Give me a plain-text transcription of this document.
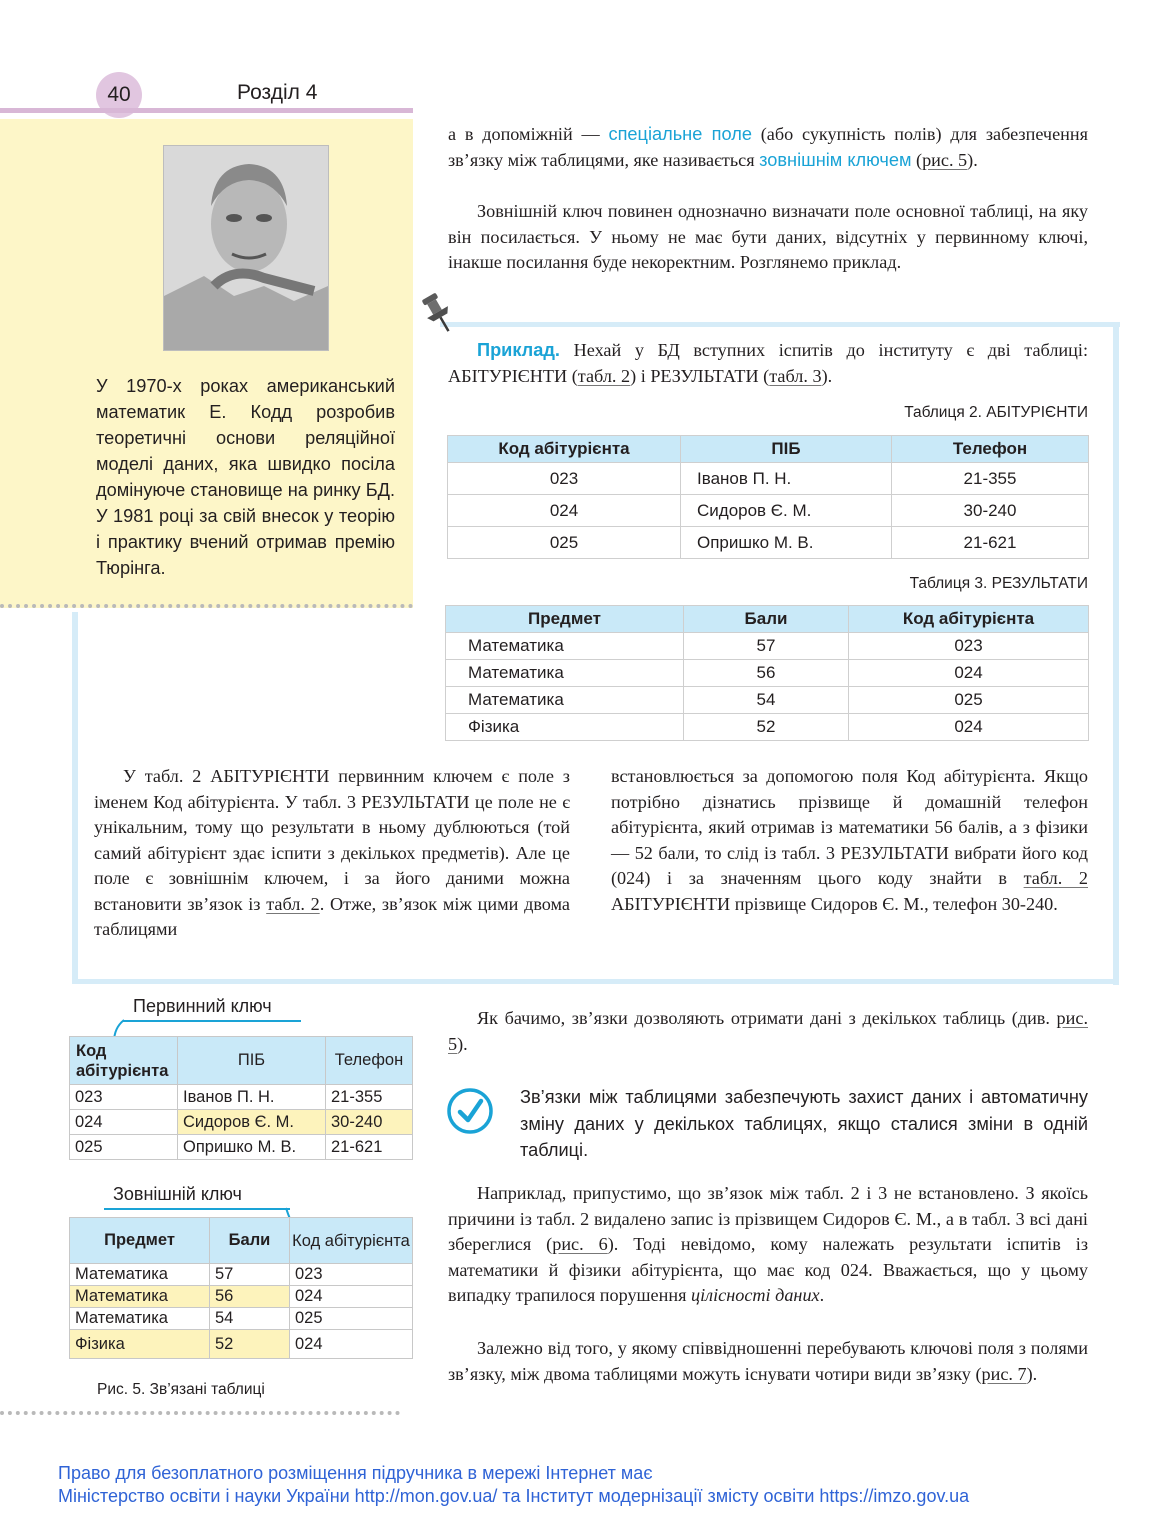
40	Розділ 4

У 1970-х роках американський математик Е. Кодд розробив теоретичні основи реляційної моделі даних, яка швидко посіла домінуюче становище на ринку БД. У 1981 році за свій внесок у теорію і практику вчений отримав премію Тюрінга.

а в допоміжній — спеціальне поле (або сукупність полів) для забезпечення зв’язку між таблицями, яке називається зовнішнім ключем (рис. 5).

Зовнішній ключ повинен однозначно визначати поле основної таблиці, на яку він посилається. У ньому не має бути даних, відсутніх у первинному ключі, інакше посилання буде некоректним. Розглянемо приклад.

Приклад. Нехай у БД вступних іспитів до інституту є дві таблиці: АБІТУРІЄНТИ (табл. 2) і РЕЗУЛЬТАТИ (табл. 3).

Таблиця 2. АБІТУРІЄНТИ
Код абітурієнта	ПІБ	Телефон
023	Іванов П. Н.	21-355
024	Сидоров Є. М.	30-240
025	Опришко М. В.	21-621
Таблиця 3. РЕЗУЛЬТАТИ
Предмет	Бали	Код абітурієнта
Математика	57	023
Математика	56	024
Математика	54	025
Фізика	52	024

У табл. 2 АБІТУРІЄНТИ первинним ключем є поле з іменем Код абітурієнта. У табл. 3 РЕЗУЛЬТАТИ це поле не є унікальним, тому що результати в ньому дублюються (той самий абітурієнт здає іспити з декількох предметів). Але це поле є зовнішнім ключем, і за його даними можна встановити зв’язок із табл. 2. Отже, зв’язок між цими двома таблицями

встановлюється за допомогою поля Код абітурієнта. Якщо потрібно дізнатись прізвище й домашній телефон абітурієнта, який отримав із математики 56 балів, а з фізики — 52 бали, то слід із табл. 3 РЕЗУЛЬТАТИ вибрати його код (024) і за значенням цього коду знайти в табл. 2 АБІТУРІЄНТИ прізвище Сидоров Є. М., телефон 30-240.

Первинний ключ
Код абітурієнта	ПІБ	Телефон
023	Іванов П. Н.	21-355
024	Сидоров Є. М.	30-240
025	Опришко М. В.	21-621
Зовнішній ключ
Предмет	Бали	Код абітурієнта
Математика	57	023
Математика	56	024
Математика	54	025
Фізика	52	024
Рис. 5. Зв’язані таблиці

Як бачимо, зв’язки дозволяють отримати дані з декількох таблиць (див. рис. 5).

Зв’язки між таблицями забезпечують захист даних і автоматичну зміну даних у декількох таблицях, якщо сталися зміни в одній таблиці.

Наприклад, припустимо, що зв’язок між табл. 2 і 3 не встановлено. З якоїсь причини із табл. 2 видалено запис із прізвищем Сидоров Є. М., а в табл. 3 всі дані збереглися (рис. 6). Тоді невідомо, кому належать результати іспитів із математики й фізики абітурієнта, що має код 024. Вважається, що у цьому випадку трапилося порушення цілісності даних.

Залежно від того, у якому співвідношенні перебувають ключові поля з полями зв’язку, між двома таблицями можуть існувати чотири види зв’язку (рис. 7).

Право для безоплатного розміщення підручника в мережі Інтернет має
Міністерство освіти і науки України http://mon.gov.ua/ та Інститут модернізації змісту освіти https://imzo.gov.ua
